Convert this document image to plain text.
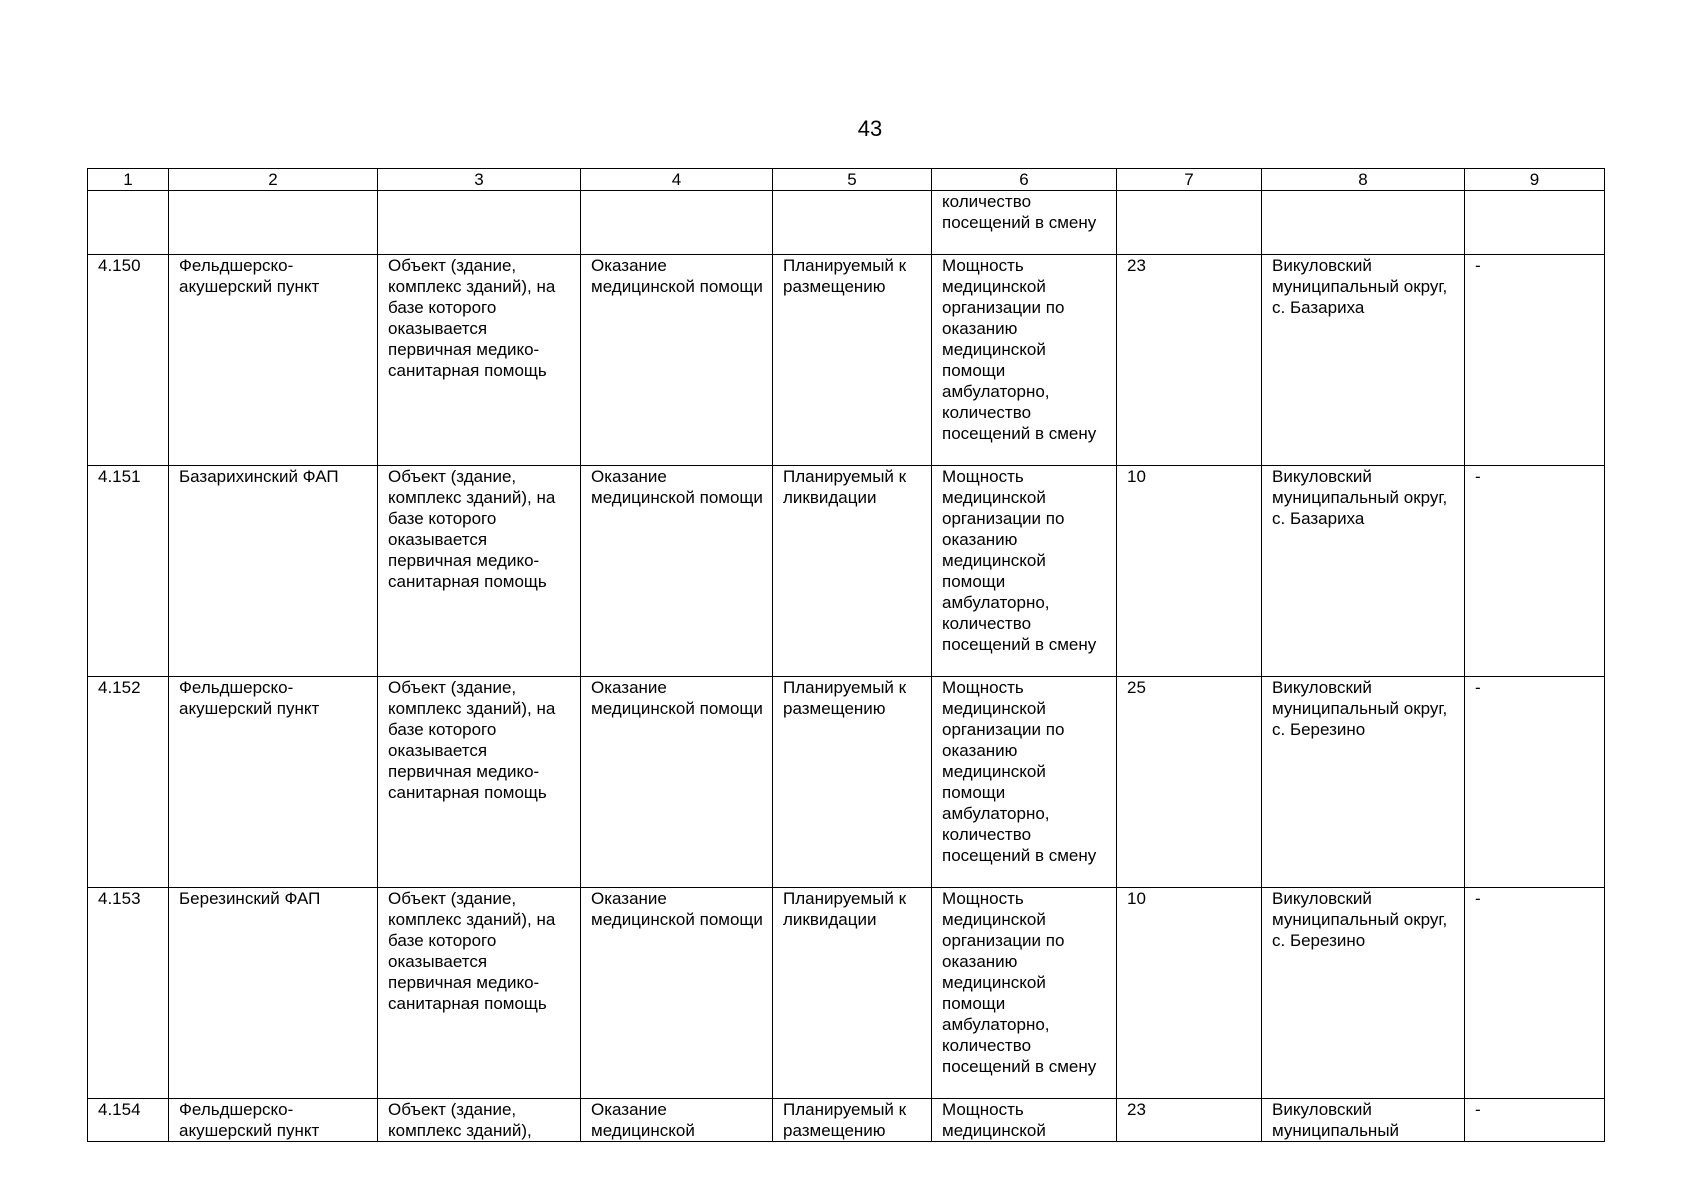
43
1	2	3	4	5	6	7	8	9
					количество посещений в смену			
4.150	Фельдшерско-акушерский пункт	Объект (здание, комплекс зданий), на базе которого оказывается первичная медико-санитарная помощь	Оказание медицинской помощи	Планируемый к размещению	Мощность медицинской организации по оказанию медицинской помощи амбулаторно, количество посещений в смену	23	Викуловский муниципальный округ, с. Базариха	-
4.151	Базарихинский ФАП	Объект (здание, комплекс зданий), на базе которого оказывается первичная медико-санитарная помощь	Оказание медицинской помощи	Планируемый к ликвидации	Мощность медицинской организации по оказанию медицинской помощи амбулаторно, количество посещений в смену	10	Викуловский муниципальный округ, с. Базариха	-
4.152	Фельдшерско-акушерский пункт	Объект (здание, комплекс зданий), на базе которого оказывается первичная медико-санитарная помощь	Оказание медицинской помощи	Планируемый к размещению	Мощность медицинской организации по оказанию медицинской помощи амбулаторно, количество посещений в смену	25	Викуловский муниципальный округ, с. Березино	-
4.153	Березинский ФАП	Объект (здание, комплекс зданий), на базе которого оказывается первичная медико-санитарная помощь	Оказание медицинской помощи	Планируемый к ликвидации	Мощность медицинской организации по оказанию медицинской помощи амбулаторно, количество посещений в смену	10	Викуловский муниципальный округ, с. Березино	-
4.154	Фельдшерско-акушерский пункт	Объект (здание, комплекс зданий),	Оказание медицинской	Планируемый к размещению	Мощность медицинской	23	Викуловский муниципальный	-
